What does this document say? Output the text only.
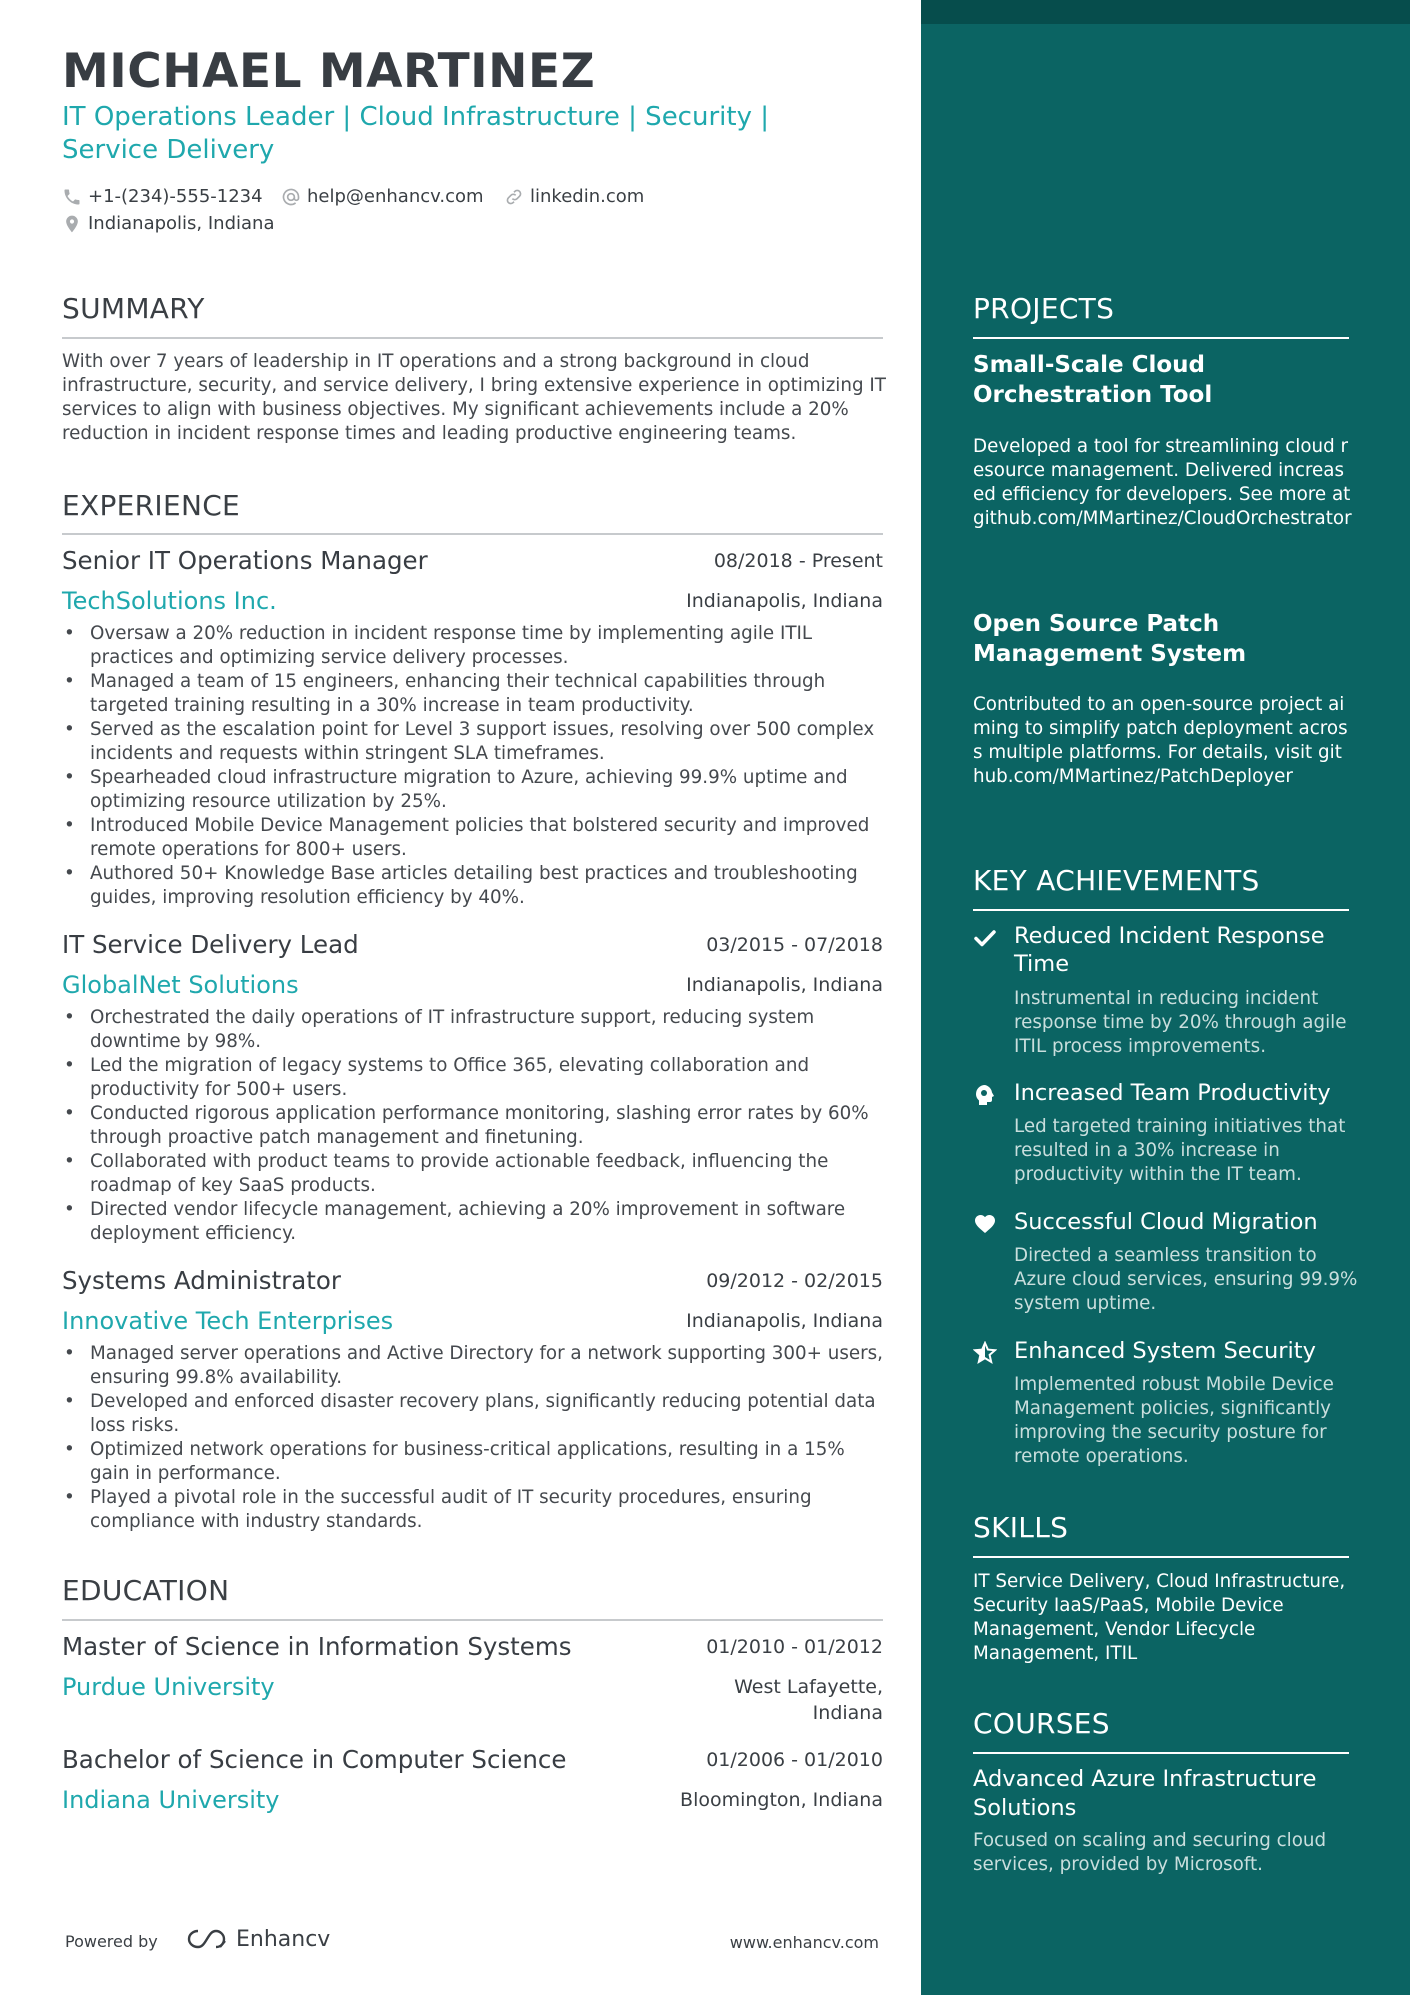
MICHAEL MARTINEZ
IT Operations Leader | Cloud Infrastructure | Security | Service Delivery
+1-(234)-555-1234 help@enhancv.com	linkedin.com
Indianapolis, Indiana
SUMMARY
With over 7 years of leadership in IT operations and a strong background in cloud infrastructure, security, and service delivery, I bring extensive experience in optimizing IT services to align with business objectives. My significant achievements include a 20% reduction in incident response times and leading productive engineering teams.
EXPERIENCE
Senior IT Operations Manager	08/2018 - Present
TechSolutions Inc.	Indianapolis, Indiana
• Oversaw a 20% reduction in incident response time by implementing agile ITIL practices and optimizing service delivery processes.
• Managed a team of 15 engineers, enhancing their technical capabilities through targeted training resulting in a 30% increase in team productivity.
• Served as the escalation point for Level 3 support issues, resolving over 500 complex incidents and requests within stringent SLA timeframes.
• Spearheaded cloud infrastructure migration to Azure, achieving 99.9% uptime and optimizing resource utilization by 25%.
• Introduced Mobile Device Management policies that bolstered security and improved remote operations for 800+ users.
• Authored 50+ Knowledge Base articles detailing best practices and troubleshooting guides, improving resolution efficiency by 40%.
IT Service Delivery Lead	03/2015 - 07/2018
GlobalNet Solutions	Indianapolis, Indiana
• Orchestrated the daily operations of IT infrastructure support, reducing system downtime by 98%.
• Led the migration of legacy systems to Office 365, elevating collaboration and productivity for 500+ users.
• Conducted rigorous application performance monitoring, slashing error rates by 60% through proactive patch management and finetuning.
• Collaborated with product teams to provide actionable feedback, influencing the roadmap of key SaaS products.
• Directed vendor lifecycle management, achieving a 20% improvement in software deployment efficiency.
Systems Administrator	09/2012 - 02/2015
Innovative Tech Enterprises	Indianapolis, Indiana
• Managed server operations and Active Directory for a network supporting 300+ users, ensuring 99.8% availability.
• Developed and enforced disaster recovery plans, significantly reducing potential data loss risks.
• Optimized network operations for business-critical applications, resulting in a 15% gain in performance.
• Played a pivotal role in the successful audit of IT security procedures, ensuring compliance with industry standards.
EDUCATION
Master of Science in Information Systems	01/2010 - 01/2012
Purdue University	West Lafayette, Indiana
Bachelor of Science in Computer Science	01/2006 - 01/2010
Indiana University	Bloomington, Indiana
Powered by	Enhancv	www.enhancv.com
PROJECTS
Small-Scale Cloud Orchestration Tool
Developed a tool for streamlining cloud resource management. Delivered increased efficiency for developers. See more at github.com/MMartinez/CloudOrchestrator
Open Source Patch Management System
Contributed to an open-source project aiming to simplify patch deployment across multiple platforms. For details, visit github.com/MMartinez/PatchDeployer
KEY ACHIEVEMENTS
Reduced Incident Response Time
Instrumental in reducing incident response time by 20% through agile ITIL process improvements.
Increased Team Productivity
Led targeted training initiatives that resulted in a 30% increase in productivity within the IT team.
Successful Cloud Migration
Directed a seamless transition to Azure cloud services, ensuring 99.9% system uptime.
Enhanced System Security
Implemented robust Mobile Device Management policies, significantly improving the security posture for remote operations.
SKILLS
IT Service Delivery, Cloud Infrastructure, Security IaaS/PaaS, Mobile Device Management, Vendor Lifecycle Management, ITIL
COURSES
Advanced Azure Infrastructure Solutions
Focused on scaling and securing cloud services, provided by Microsoft.
